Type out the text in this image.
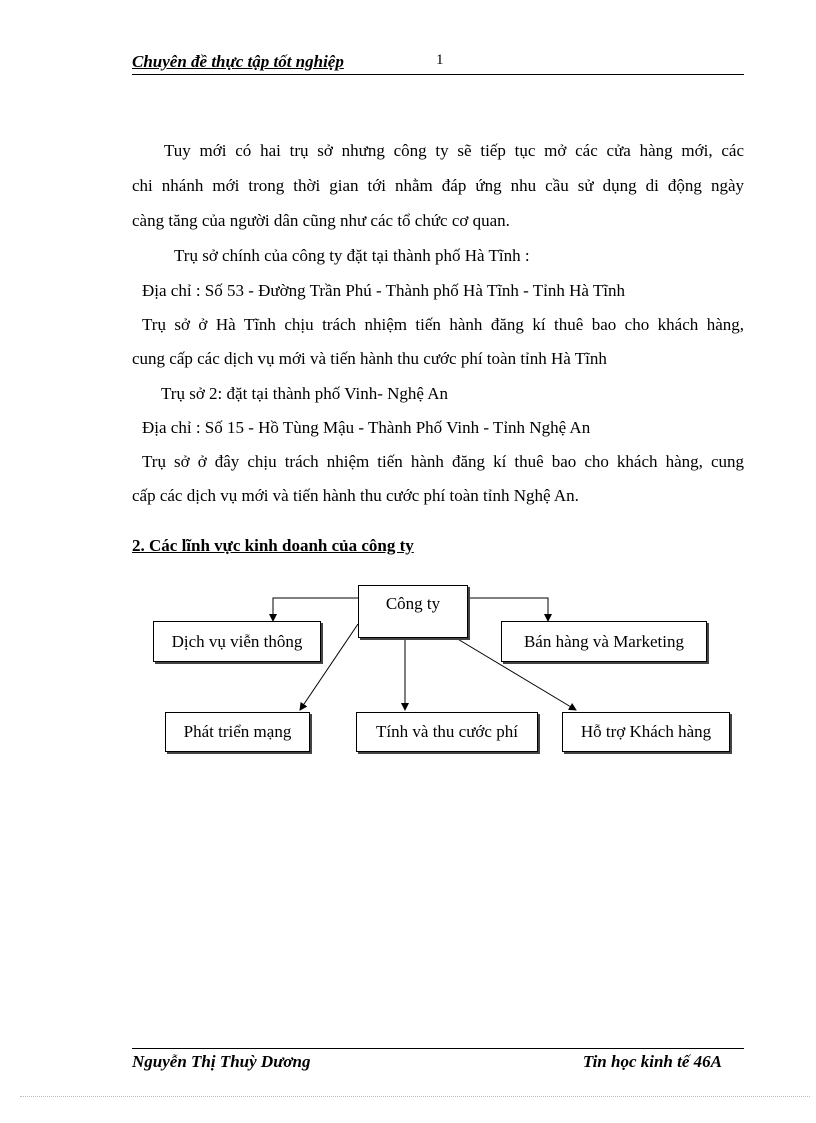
Chuyên đề thực tập tốt nghiệp	1
Tuy mới có hai trụ sở nhưng công ty sẽ tiếp tục mở các cửa hàng mới, các
chi nhánh mới trong thời gian tới nhằm đáp ứng nhu cầu sử dụng di động ngày
càng tăng của người dân cũng như các tổ chức cơ quan.
Trụ sở chính của công ty đặt tại thành phố Hà Tĩnh :
Địa chỉ : Số 53 - Đường Trần Phú - Thành phố Hà Tĩnh - Tỉnh Hà Tĩnh
Trụ sở ở Hà Tĩnh chịu trách nhiệm tiến hành đăng kí thuê bao cho khách hàng,
cung cấp các dịch vụ mới và tiến hành thu cước phí toàn tỉnh Hà Tĩnh
Trụ sở 2: đặt tại thành phố Vinh- Nghệ An
Địa chỉ : Số 15 - Hồ Tùng Mậu - Thành Phố Vinh - Tỉnh Nghệ An
Trụ sở ở đây chịu trách nhiệm tiến hành đăng kí thuê bao cho khách hàng, cung
cấp các dịch vụ mới và tiến hành thu cước phí toàn tỉnh Nghệ An.
2. Các lĩnh vực kinh doanh của công ty
Công ty
Dịch vụ viễn thông	Bán hàng và Marketing
Phát triển mạng	Tính và thu cước phí	Hỗ trợ Khách hàng
Nguyễn Thị Thuỳ Dương	Tin học kinh tế 46A
